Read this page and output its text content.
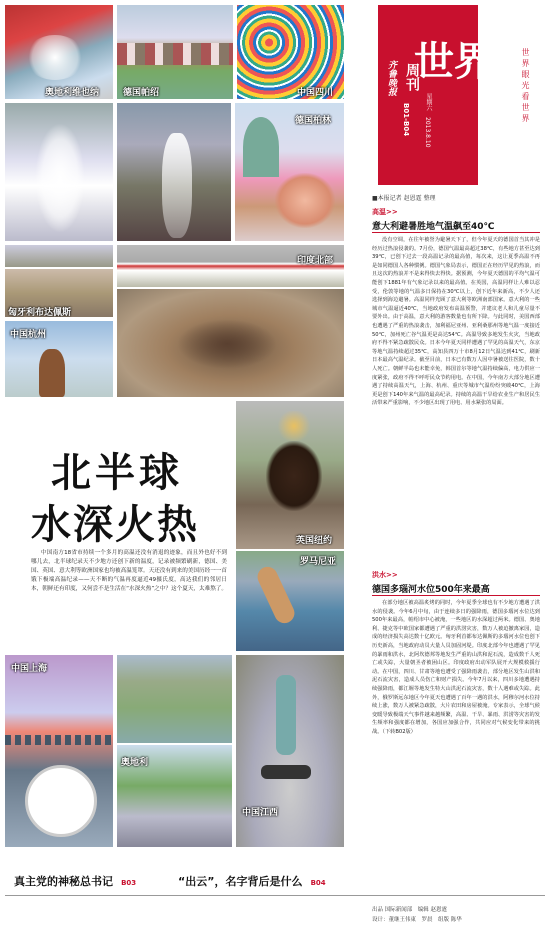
奥地利维也纳	德国帕绍	中国四川
德国柏林
匈牙利布达佩斯
印度北部
中国杭州
英国纽约
罗马尼亚
中国上海
奥地利
中国江西
北半球
水深火热
中国南方18省市持续一个多月的高温还没有消退的迹象，而且外也好不到哪儿去，北半球纪录天不少地方还创下新的温度，记录被频繁刷新，德国、美国、英国、意大利等欧洲国家也均被高温笼罩。天还没有到来的美国历经一一首饿下极端高温纪录——天不断的气温再度逼近49摄氏度，高达我们的邻居日本，朝鲜还有印度，又何尝不是生活在“水深火热”之中？这个夏天，太难熬了。
齐鲁晚报 周刊
B01-B04
星期六
2013.8.10
世界	世界眼光看世界
■本报记者 赵恩霆 整理
高温>>
意大利避暑胜地气温飙至40℃
没有空调，在往年被誉为避暑天下了，但今年夏天的德国首当其冲是经历过热浪侵袭的。7月份，德国气温最高超过38℃，有些地方甚至达到39℃，已创下过去一段高温记录的最高值，每次来，这让夏季高温不再是如同德国人各种惯例。德国气象局表示，德国正在经历罕见的热浪，而且这次的热浪并不是来得快去得快。据预测，今年夏天德国的平均气温可能创下1881年有气象记录以来的最高值。在英国，高温同样让人难以忍受，伦敦等地的气温多日保持在30℃以上，创下近年来新高，不少人还选择到海边避暑。高温同样光顾了意大利等欧洲南部国家。意大利的一些城市气温逼近40℃，当地政府发布高温预警，并建议老人和儿童尽量不要外出。由于高温，意大利的游客数量也有所下降。与此同时，美国西部也遭遇了严重的热浪袭击，加利福尼亚州、亚利桑那州等地气温一度接近50℃，加州死亡谷气温更是高达54℃。高温导致多地发生火灾，当地政府不得不紧急疏散民众。日本今年夏天同样遭遇了罕见的高温天气，东京等地气温持续超过35℃，高知县四万十市8月12日气温达到41℃，刷新日本最高气温纪录。截至目前，日本已有数万人因中暑被送往医院，数十人死亡。朝鲜半岛也未能幸免，韩国首尔等地气温持续偏高，电力供应一度紧张，政府不得不呼吁民众节约用电。在中国，今年南方大部分地区遭遇了持续高温天气，上海、杭州、重庆等城市气温纷纷突破40℃，上海更是创下140年来气温的最高纪录。持续的高温干旱给农业生产和居民生活带来严重影响，不少地区出现了用电、用水紧张的局面。
洪水>>
德国多瑙河水位500年来最高
在部分地区被高温炙烤的同时，今年夏季全球也有不少地方遭遇了洪水的侵袭。今年6月中旬，由于连续多日的强降雨，德国多瑙河水位达到500年来最高，帕绍市中心被淹，一些地区的水深超过两米。德国、奥地利、捷克等中欧国家都遭遇了严重的洪涝灾害，数万人被迫撤离家园，造成的经济损失高达数十亿欧元。匈牙利首都布达佩斯的多瑙河水位也创下历史新高，当地政府动员大量人员加固河堤。印度北部今年也遭遇了罕见的暴雨和洪水，北阿坎德邦等地发生严重的山洪和泥石流，造成数千人死亡或失踪，大量朝圣者被困山区。印度政府出动军队展开大规模救援行动。在中国，四川、甘肃等地也遭受了强降雨袭击，部分地区发生山洪和泥石流灾害，造成人员伤亡和财产损失。今年7月以来，四川多地遭遇持续强降雨，都江堰等地发生特大山洪泥石流灾害，数十人遇难或失踪。此外，俄罗斯远东地区今年夏天也遭遇了百年一遇的洪水，阿穆尔河水位持续上涨，数万人被紧急疏散，大片农田和房屋被淹。专家表示，全球气候变暖导致极端天气事件越来越频繁，高温、干旱、暴雨、洪涝等灾害的发生频率和强度都在增加，各国应加强合作，共同应对气候变化带来的挑战。（下转B02版）
真主党的神秘总书记 B03	“出云”，名字背后是什么 B04
出品 国际新闻部　编辑 赵恩霆
设计：董继王伟東　罗晨　组版 陈华
